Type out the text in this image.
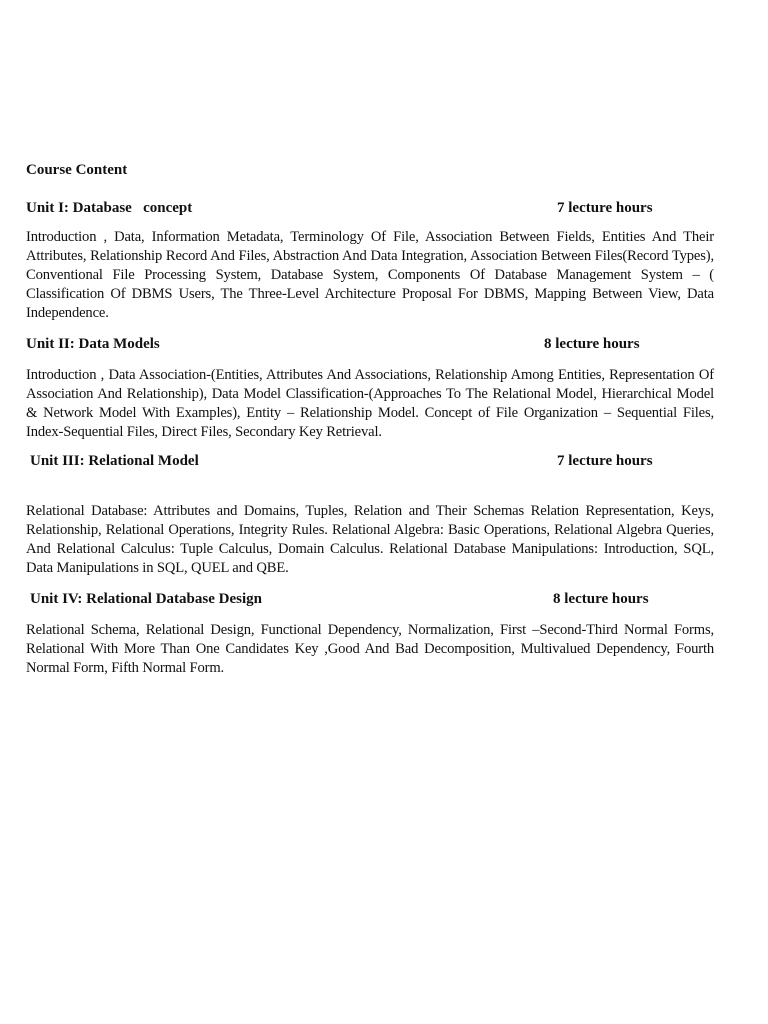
Course Content

Unit I: Database   concept	7 lecture hours

Introduction , Data, Information Metadata, Terminology Of File, Association Between Fields, Entities And Their Attributes, Relationship Record And Files, Abstraction And Data Integration, Association Between Files(Record Types), Conventional File Processing System, Database System, Components Of Database Management System – ( Classification Of DBMS Users, The Three-Level Architecture Proposal For DBMS, Mapping Between View, Data Independence.

Unit II: Data Models	8 lecture hours

Introduction , Data Association-(Entities, Attributes And Associations, Relationship Among Entities, Representation Of Association And Relationship), Data Model Classification-(Approaches To The Relational Model, Hierarchical Model & Network Model With Examples), Entity – Relationship Model. Concept of File Organization – Sequential Files, Index-Sequential Files, Direct Files, Secondary Key Retrieval.

Unit III: Relational Model	7 lecture hours

Relational Database: Attributes and Domains, Tuples, Relation and Their Schemas Relation Representation, Keys, Relationship, Relational Operations, Integrity Rules. Relational Algebra: Basic Operations, Relational Algebra Queries, And Relational Calculus: Tuple Calculus, Domain Calculus. Relational Database Manipulations: Introduction, SQL, Data Manipulations in SQL, QUEL and QBE.

Unit IV: Relational Database Design	8 lecture hours

Relational Schema, Relational Design, Functional Dependency, Normalization, First –Second-Third Normal Forms, Relational With More Than One Candidates Key ,Good And Bad Decomposition, Multivalued Dependency, Fourth Normal Form, Fifth Normal Form.
